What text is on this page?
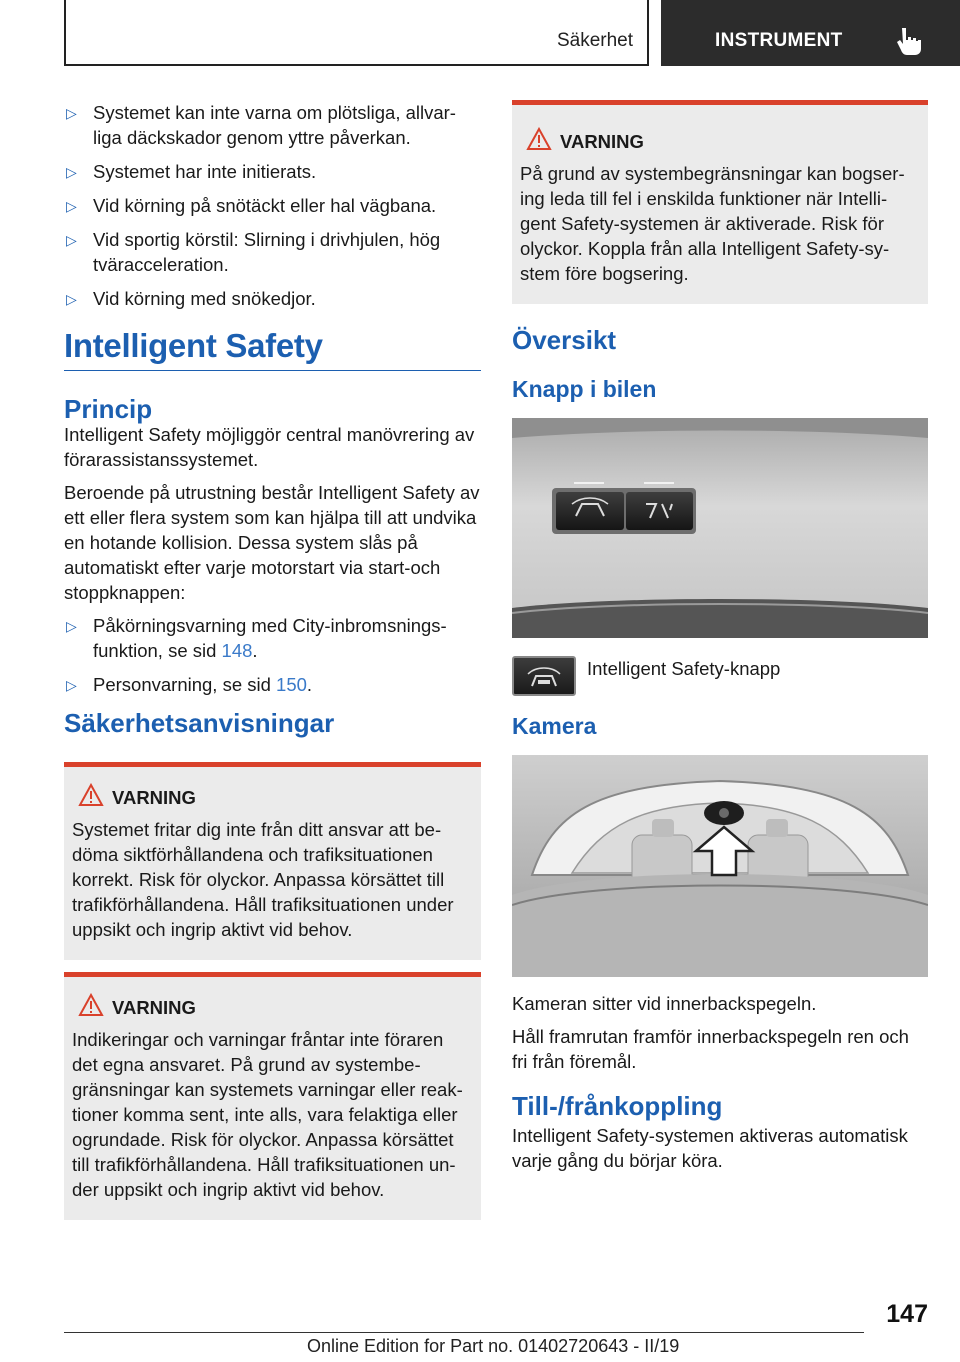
Säkerhet	INSTRUMENT
▷ Systemet kan inte varna om plötsliga, allvar- liga däckskador genom yttre påverkan.
▷ Systemet har inte initierats.
▷ Vid körning på snötäckt eller hal vägbana.
▷ Vid sportig körstil: Slirning i drivhjulen, hög tväracceleration.
▷ Vid körning med snökedjor.
Intelligent Safety
Princip

Intelligent Safety möjliggör central manövrering av förarassistanssystemet.

Beroende på utrustning består Intelligent Safety av ett eller flera system som kan hjälpa till att undvika en hotande kollision. Dessa system slås på automatiskt efter varje motorstart via start-och stoppknappen:

▷ Påkörningsvarning med City-inbromsnings- funktion, se sid 148.
▷ Personvarning, se sid 150.
Säkerhetsanvisningar
VARNING
Systemet fritar dig inte från ditt ansvar att be- döma siktförhållandena och trafiksituationen korrekt. Risk för olyckor. Anpassa körsättet till trafikförhållandena. Håll trafiksituationen under uppsikt och ingrip aktivt vid behov.
VARNING
Indikeringar och varningar fråntar inte föraren det egna ansvaret. På grund av systembe- gränsningar kan systemets varningar eller reak- tioner komma sent, inte alls, vara felaktiga eller ogrundade. Risk för olyckor. Anpassa körsättet till trafikförhållandena. Håll trafiksituationen un- der uppsikt och ingrip aktivt vid behov.
VARNING
På grund av systembegränsningar kan bogser- ing leda till fel i enskilda funktioner när Intelli- gent Safety-systemen är aktiverade. Risk för olyckor. Koppla från alla Intelligent Safety-sy- stem före bogsering.
Översikt
Knapp i bilen
Intelligent Safety-knapp
Kamera

Kameran sitter vid innerbackspegeln.

Håll framrutan framför innerbackspegeln ren och fri från föremål.

Till-/frånkoppling

Intelligent Safety-systemen aktiveras automatisk varje gång du börjar köra.

147
Online Edition for Part no. 01402720643 - II/19
